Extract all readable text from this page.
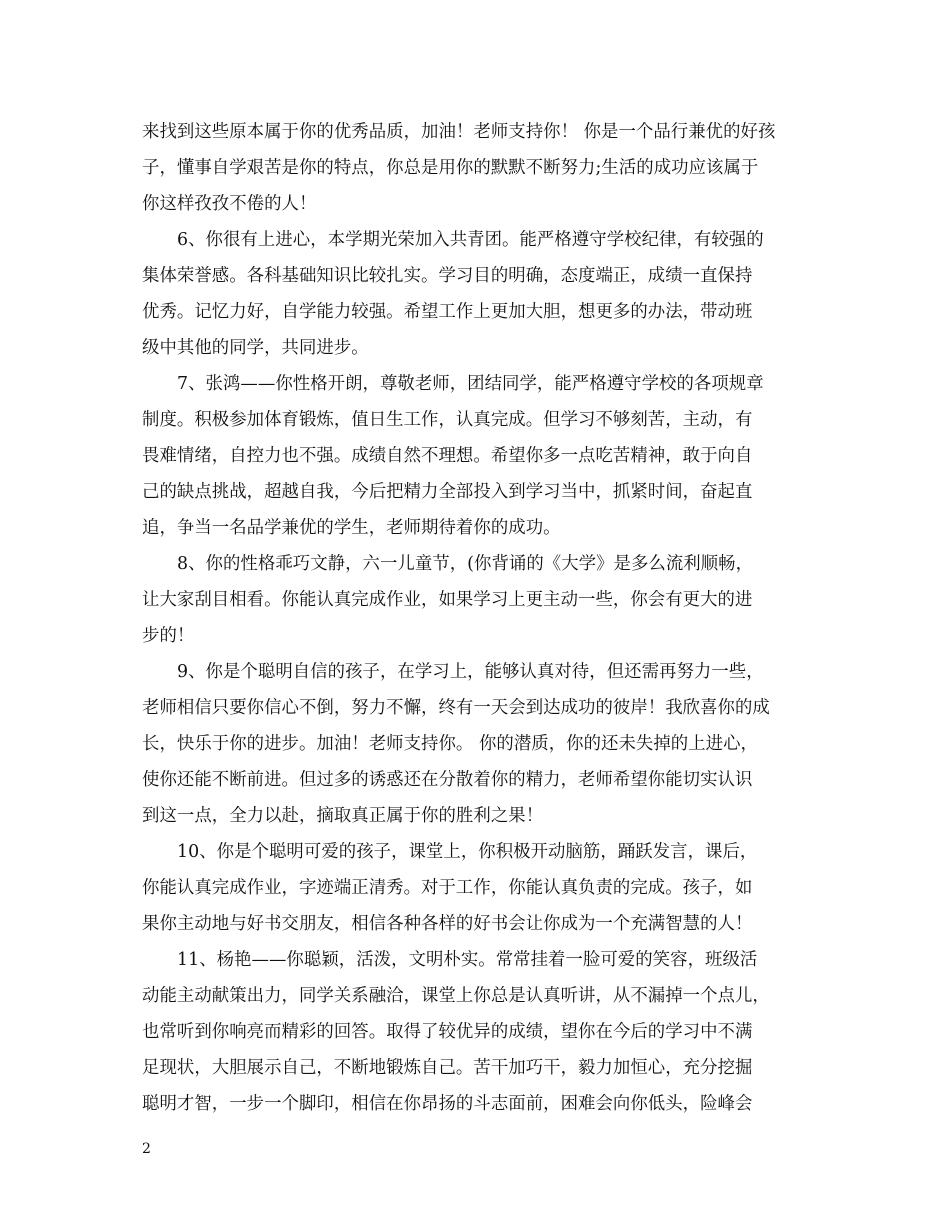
来找到这些原本属于你的优秀品质，加油！老师支持你！ 你是一个品行兼优的好孩
子，懂事自学艰苦是你的特点，你总是用你的默默不断努力;生活的成功应该属于
你这样孜孜不倦的人！
6、你很有上进心，本学期光荣加入共青团。能严格遵守学校纪律，有较强的
集体荣誉感。各科基础知识比较扎实。学习目的明确，态度端正，成绩一直保持
优秀。记忆力好，自学能力较强。希望工作上更加大胆，想更多的办法，带动班
级中其他的同学，共同进步。
7、张鸿——你性格开朗，尊敬老师，团结同学，能严格遵守学校的各项规章
制度。积极参加体育锻炼，值日生工作，认真完成。但学习不够刻苦，主动，有
畏难情绪，自控力也不强。成绩自然不理想。希望你多一点吃苦精神，敢于向自
己的缺点挑战，超越自我，今后把精力全部投入到学习当中，抓紧时间，奋起直
追，争当一名品学兼优的学生，老师期待着你的成功。
8、你的性格乖巧文静，六一儿童节，(你背诵的《大学》是多么流利顺畅，
让大家刮目相看。你能认真完成作业，如果学习上更主动一些，你会有更大的进
步的！
9、你是个聪明自信的孩子，在学习上，能够认真对待，但还需再努力一些，
老师相信只要你信心不倒，努力不懈，终有一天会到达成功的彼岸！我欣喜你的成
长，快乐于你的进步。加油！老师支持你。 你的潜质，你的还未失掉的上进心，
使你还能不断前进。但过多的诱惑还在分散着你的精力，老师希望你能切实认识
到这一点，全力以赴，摘取真正属于你的胜利之果！
10、你是个聪明可爱的孩子，课堂上，你积极开动脑筋，踊跃发言，课后，
你能认真完成作业，字迹端正清秀。对于工作，你能认真负责的完成。孩子，如
果你主动地与好书交朋友，相信各种各样的好书会让你成为一个充满智慧的人！
11、杨艳——你聪颖，活泼，文明朴实。常常挂着一脸可爱的笑容，班级活
动能主动献策出力，同学关系融洽，课堂上你总是认真听讲，从不漏掉一个点儿，
也常听到你响亮而精彩的回答。取得了较优异的成绩，望你在今后的学习中不满
足现状，大胆展示自己，不断地锻炼自己。苦干加巧干，毅力加恒心，充分挖掘
聪明才智，一步一个脚印，相信在你昂扬的斗志面前，困难会向你低头，险峰会
2
